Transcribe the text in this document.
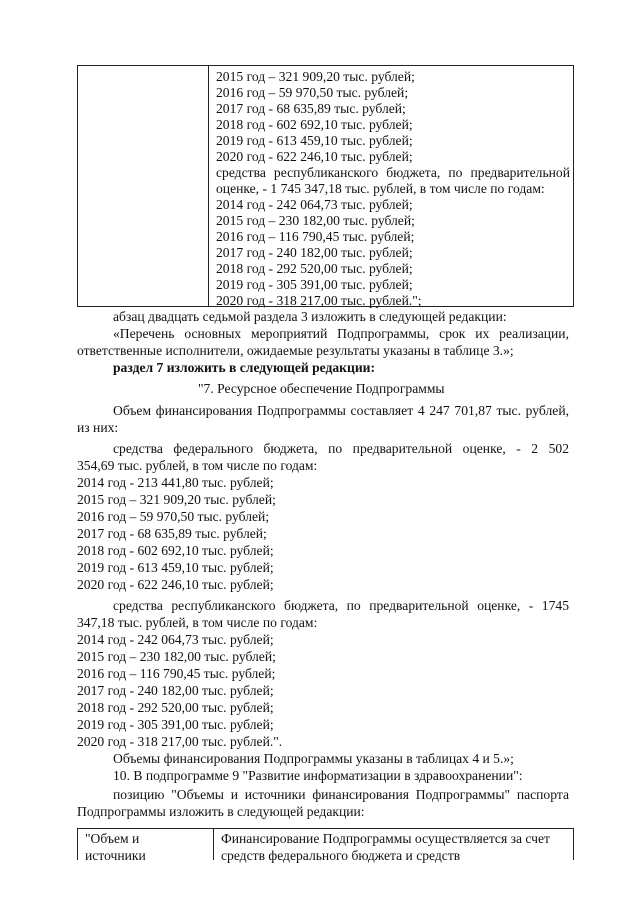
2015 год – 321 909,20 тыс. рублей;
2016 год – 59 970,50 тыс. рублей;
2017 год - 68 635,89 тыс. рублей;
2018 год - 602 692,10 тыс. рублей;
2019 год - 613 459,10 тыс. рублей;
2020 год - 622 246,10 тыс. рублей;
средства республиканского бюджета, по предварительной
оценке, - 1 745 347,18 тыс. рублей, в том числе по годам:
2014 год - 242 064,73 тыс. рублей;
2015 год – 230 182,00 тыс. рублей;
2016 год – 116 790,45 тыс. рублей;
2017 год - 240 182,00 тыс. рублей;
2018 год - 292 520,00 тыс. рублей;
2019 год - 305 391,00 тыс. рублей;
2020 год - 318 217,00 тыс. рублей.";
абзац двадцать седьмой раздела 3 изложить в следующей редакции:
«Перечень основных мероприятий Подпрограммы, срок их реализации,
ответственные исполнители, ожидаемые результаты указаны в таблице 3.»;
раздел 7 изложить в следующей редакции:
"7. Ресурсное обеспечение Подпрограммы
Объем финансирования Подпрограммы составляет 4 247 701,87 тыс. рублей,
из них:
средства федерального бюджета, по предварительной оценке, - 2 502
354,69 тыс. рублей, в том числе по годам:
2014 год - 213 441,80 тыс. рублей;
2015 год – 321 909,20 тыс. рублей;
2016 год – 59 970,50 тыс. рублей;
2017 год - 68 635,89 тыс. рублей;
2018 год - 602 692,10 тыс. рублей;
2019 год - 613 459,10 тыс. рублей;
2020 год - 622 246,10 тыс. рублей;
средства республиканского бюджета, по предварительной оценке, - 1745
347,18 тыс. рублей, в том числе по годам:
2014 год - 242 064,73 тыс. рублей;
2015 год – 230 182,00 тыс. рублей;
2016 год – 116 790,45 тыс. рублей;
2017 год - 240 182,00 тыс. рублей;
2018 год - 292 520,00 тыс. рублей;
2019 год - 305 391,00 тыс. рублей;
2020 год - 318 217,00 тыс. рублей.".
Объемы финансирования Подпрограммы указаны в таблицах 4 и 5.»;
10. В подпрограмме 9 "Развитие информатизации в здравоохранении":
позицию "Объемы и источники финансирования Подпрограммы" паспорта
Подпрограммы изложить в следующей редакции:
"Объем и
источники
Финансирование Подпрограммы осуществляется за счет
средств федерального бюджета и средств
